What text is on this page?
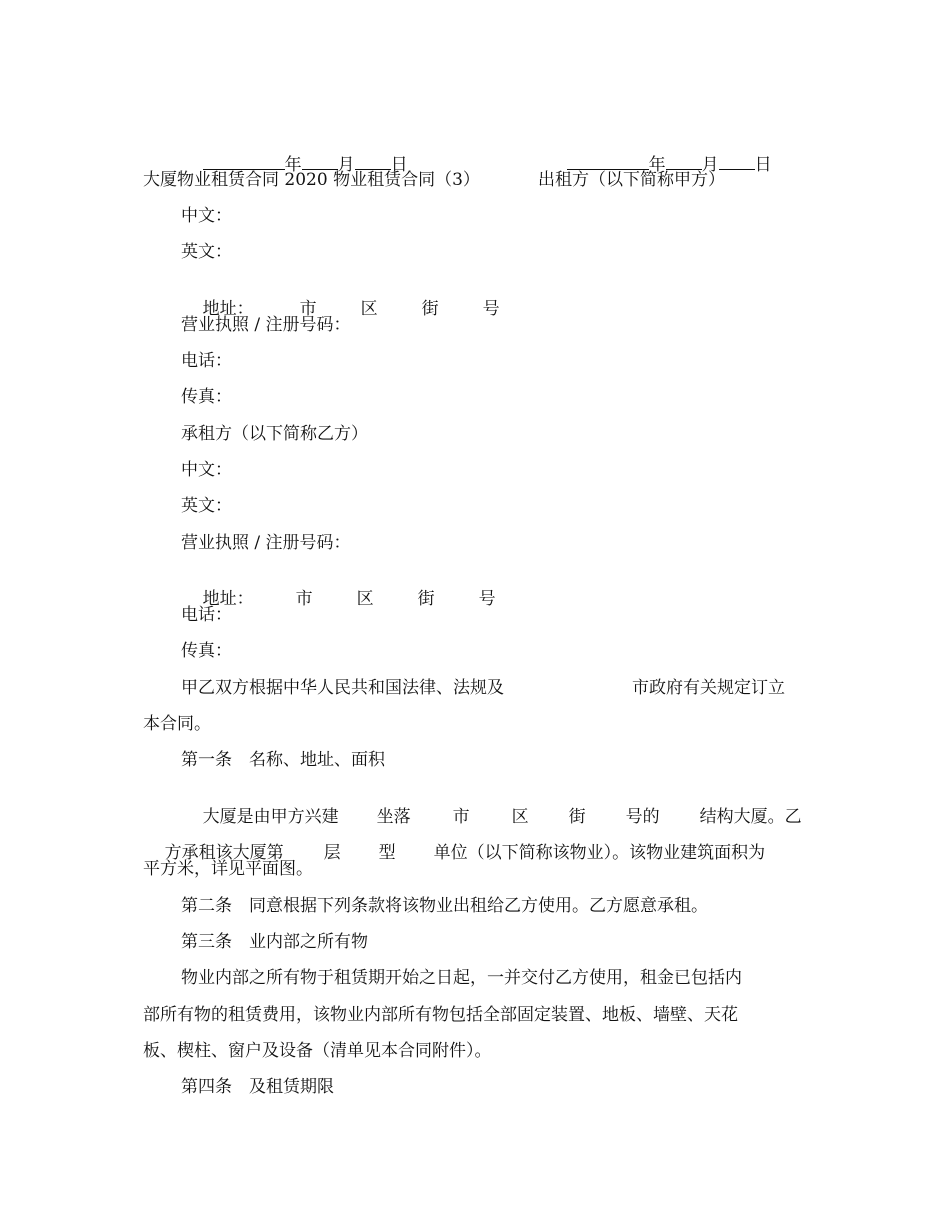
年 月 日
	年 月 日

大厦物业租赁合同 2020 物业租赁合同（3）	出租方（以下简称甲方）
中文：
英文：

地址：	市	区	街	号

营业执照 / 注册号码：
电话：
传真：
承租方（以下简称乙方）
中文：
英文：
营业执照 / 注册号码：

地址： 市	区	街	号

电话：
传真：
甲乙双方根据中华人民共和国法律、法规及	市政府有关规定订立
本合同。
第一条　名称、地址、面积

大厦是由甲方兴建 坐落 市 区 街 号的 结构大厦。乙

方承租该大厦第 层 型 单位（以下简称该物业）。该物业建筑面积为

平方米，详见平面图。
第二条　同意根据下列条款将该物业出租给乙方使用。乙方愿意承租。
第三条　业内部之所有物
物业内部之所有物于租赁期开始之日起，一并交付乙方使用，租金已包括内
部所有物的租赁费用，该物业内部所有物包括全部固定装置、地板、墙壁、天花
板、楔柱、窗户及设备（清单见本合同附件）。
第四条　及租赁期限
